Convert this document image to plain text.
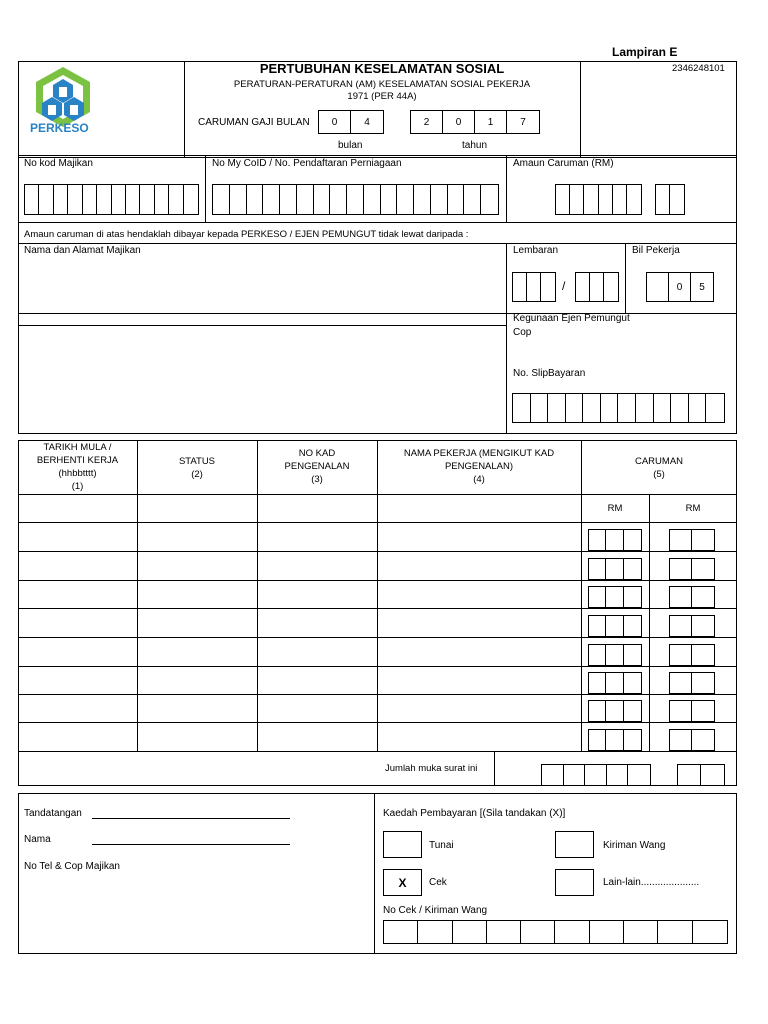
Lampiran E
PERKESO
PERTUBUHAN KESELAMATAN SOSIAL
PERATURAN-PERATURAN (AM) KESELAMATAN SOSIAL PEKERJA
1971 (PER 44A)
CARUMAN GAJI BULAN	0	4	2	0	1	7
bulan	tahun
2346248101
No kod Majikan	No My CoID / No. Pendaftaran Perniagaan	Amaun Caruman (RM)
Amaun caruman di atas hendaklah dibayar kepada PERKESO / EJEN PEMUNGUT tidak lewat daripada :
Nama dan Alamat Majikan	Lembaran	Bil Pekerja
/	0	5
Kegunaan Ejen Pemungut
Cop
No. SlipBayaran
TARIKH MULA /
BERHENTI KERJA
(hhbbtttt)
(1)
STATUS
(2)
NO KAD
PENGENALAN
(3)
NAMA PEKERJA (MENGIKUT KAD
PENGENALAN)
(4)
CARUMAN
(5)
RM	RM
Jumlah muka surat ini
Tandatangan
Nama
No Tel & Cop Majikan
Kaedah Pembayaran [(Sila tandakan (X)]
Tunai	Kiriman Wang
X Cek	Lain-lain.....................
No Cek / Kiriman Wang
